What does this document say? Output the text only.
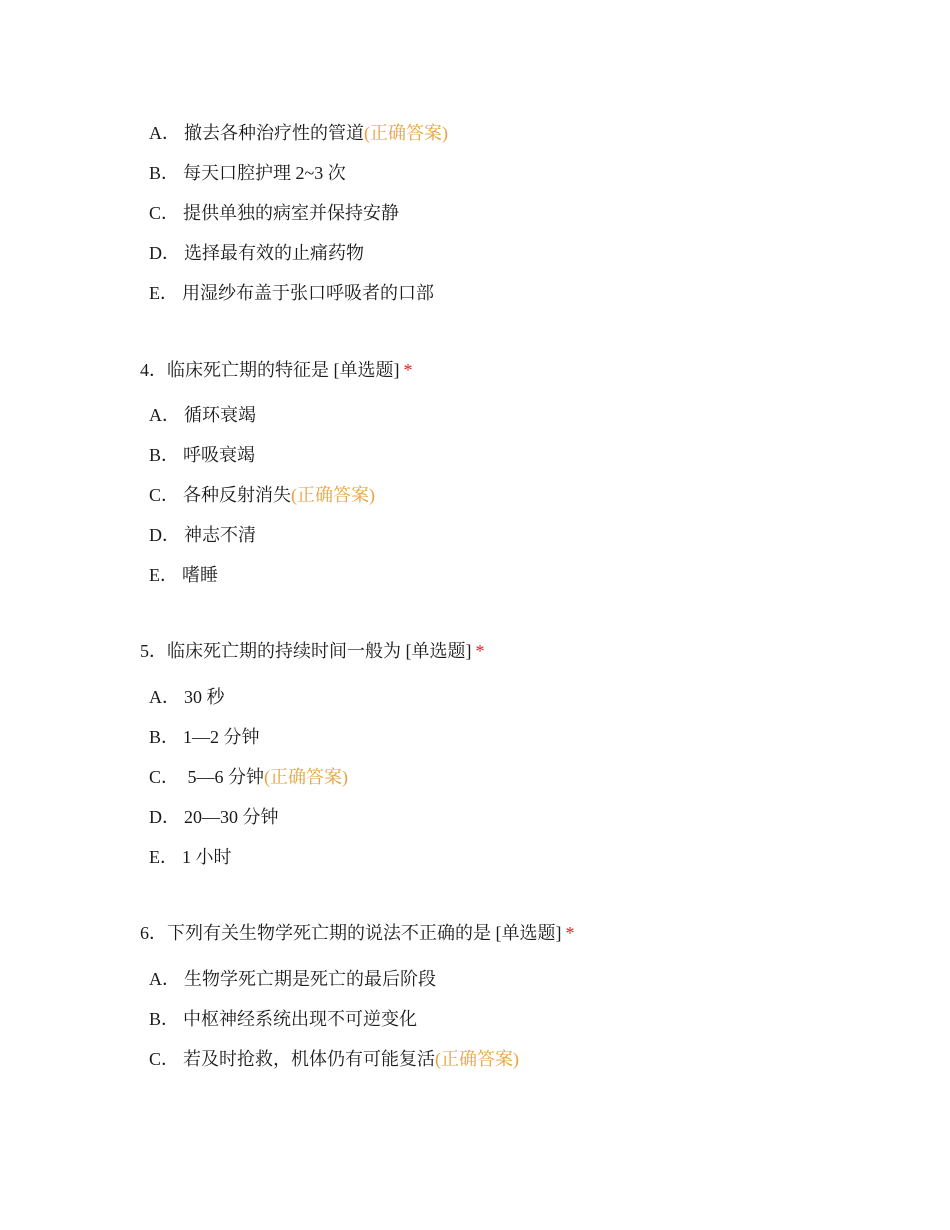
A． 撤去各种治疗性的管道(正确答案)
B． 每天口腔护理 2~3 次
C． 提供单独的病室并保持安静
D． 选择最有效的止痛药物
E． 用湿纱布盖于张口呼吸者的口部
4．临床死亡期的特征是 [单选题] *
A． 循环衰竭
B． 呼吸衰竭
C． 各种反射消失(正确答案)
D． 神志不清
E． 嗜睡
5．临床死亡期的持续时间一般为 [单选题] *
A． 30 秒
B． 1—2 分钟
C． 5—6 分钟(正确答案)
D． 20—30 分钟
E． 1 小时
6．下列有关生物学死亡期的说法不正确的是 [单选题] *
A． 生物学死亡期是死亡的最后阶段
B． 中枢神经系统出现不可逆变化
C． 若及时抢救，机体仍有可能复活(正确答案)
